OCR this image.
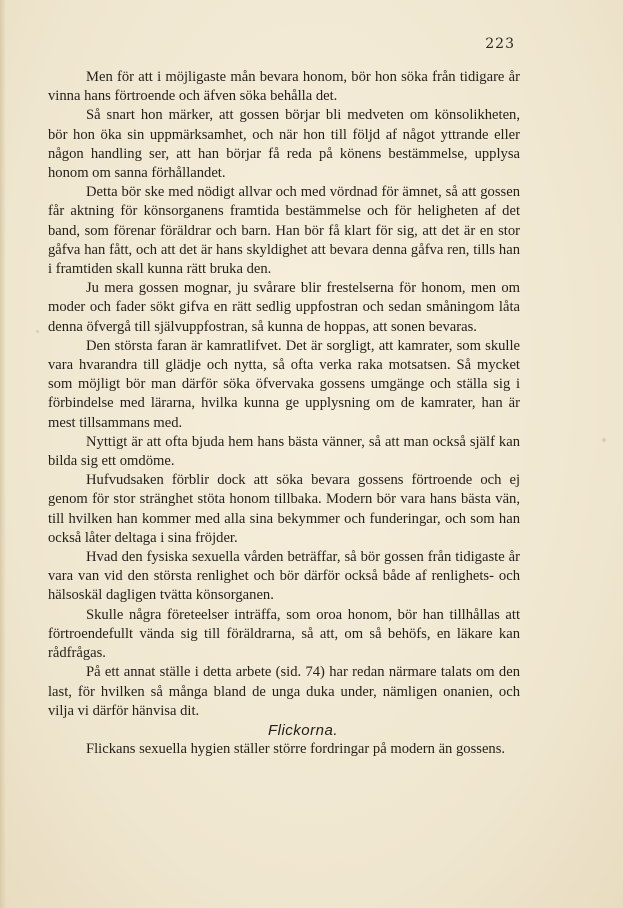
223

Men för att i möjligaste mån bevara honom, bör hon söka från tidigare år vinna hans förtroende och äfven söka behålla det.

Så snart hon märker, att gossen börjar bli medveten om könsolikheten, bör hon öka sin uppmärksamhet, och när hon till följd af något yttrande eller någon handling ser, att han börjar få reda på könens bestämmelse, upplysa honom om sanna förhållandet.

Detta bör ske med nödigt allvar och med vördnad för ämnet, så att gossen får aktning för könsorganens framtida bestämmelse och för heligheten af det band, som förenar föräldrar och barn. Han bör få klart för sig, att det är en stor gåfva han fått, och att det är hans skyldighet att bevara denna gåfva ren, tills han i framtiden skall kunna rätt bruka den.

Ju mera gossen mognar, ju svårare blir frestelserna för honom, men om moder och fader sökt gifva en rätt sedlig uppfostran och sedan småningom låta denna öfvergå till självuppfostran, så kunna de hoppas, att sonen bevaras.

Den största faran är kamratlifvet. Det är sorgligt, att kamrater, som skulle vara hvarandra till glädje och nytta, så ofta verka raka motsatsen. Så mycket som möjligt bör man därför söka öfvervaka gossens umgänge och ställa sig i förbindelse med lärarna, hvilka kunna ge upplysning om de kamrater, han är mest tillsammans med.

Nyttigt är att ofta bjuda hem hans bästa vänner, så att man också själf kan bilda sig ett omdöme.

Hufvudsaken förblir dock att söka bevara gossens förtroende och ej genom för stor stränghet stöta honom tillbaka. Modern bör vara hans bästa vän, till hvilken han kommer med alla sina bekymmer och funderingar, och som han också låter deltaga i sina fröjder.

Hvad den fysiska sexuella vården beträffar, så bör gossen från tidigaste år vara van vid den största renlighet och bör därför också både af renlighets- och hälsoskäl dagligen tvätta könsorganen.

Skulle några företeelser inträffa, som oroa honom, bör han tillhållas att förtroendefullt vända sig till föräldrarna, så att, om så behöfs, en läkare kan rådfrågas.

På ett annat ställe i detta arbete (sid. 74) har redan närmare talats om den last, för hvilken så många bland de unga duka under, nämligen onanien, och vilja vi därför hänvisa dit.

Flickorna.

Flickans sexuella hygien ställer större fordringar på modern än gossens.
